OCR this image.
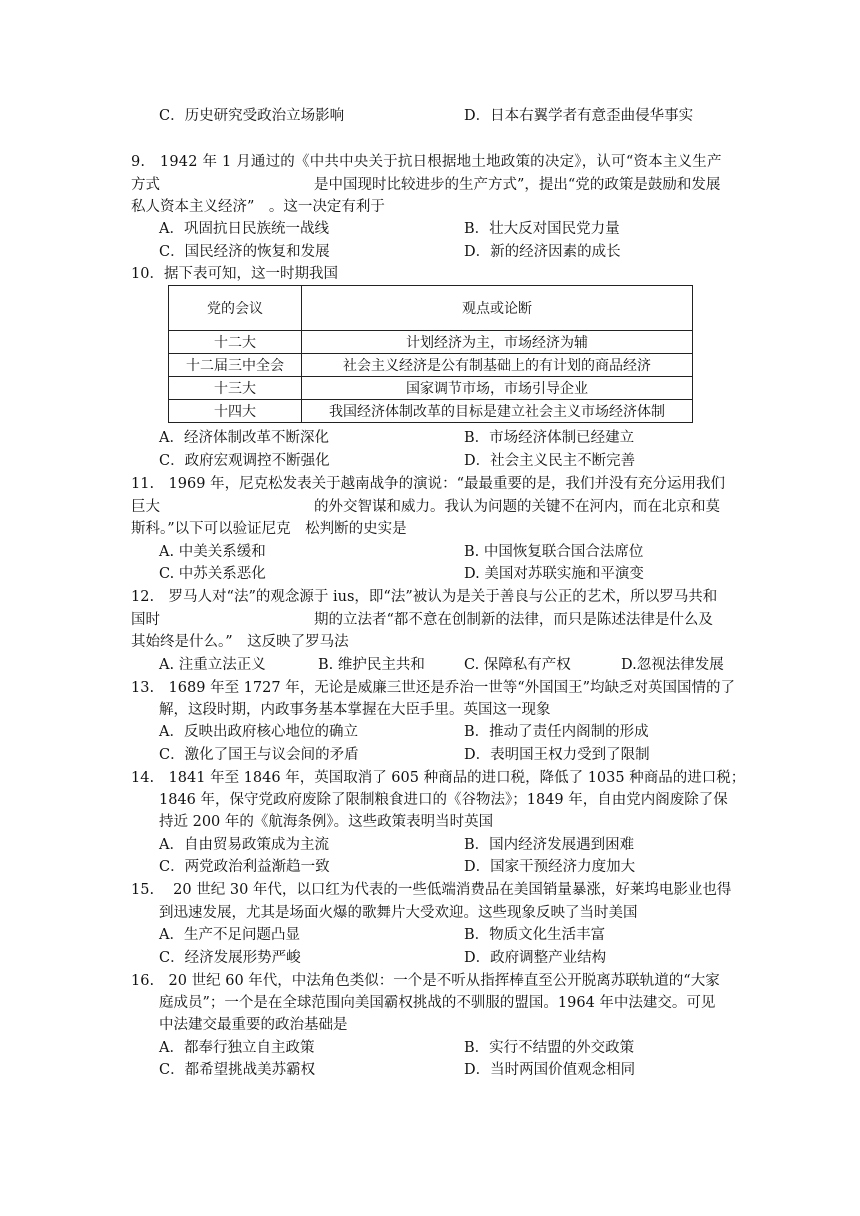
C．历史研究受政治立场影响	D．日本右翼学者有意歪曲侵华事实
9.　1942 年 1 月通过的《中共中央关于抗日根据地土地政策的决定》，认可“资本主义生产
方式	是中国现时比较进步的生产方式”，提出“党的政策是鼓励和发展
私人资本主义经济”　。这一决定有利于
A．巩固抗日民族统一战线	B．壮大反对国民党力量
C．国民经济的恢复和发展	D．新的经济因素的成长
10．据下表可知，这一时期我国
党的会议	观点或论断
十二大	计划经济为主，市场经济为辅
十二届三中全会	社会主义经济是公有制基础上的有计划的商品经济
十三大	国家调节市场，市场引导企业
十四大	我国经济体制改革的目标是建立社会主义市场经济体制
A．经济体制改革不断深化	B．市场经济体制已经建立
C．政府宏观调控不断强化	D．社会主义民主不断完善
11.　1969 年，尼克松发表关于越南战争的演说：“最最重要的是，我们并没有充分运用我们
巨大	的外交智谋和威力。我认为问题的关键不在河内，而在北京和莫
斯科。”以下可以验证尼克　松判断的史实是
A. 中美关系缓和	B. 中国恢复联合国合法席位
C. 中苏关系恶化	D. 美国对苏联实施和平演变
12.　罗马人对“法”的观念源于 ius，即“法”被认为是关于善良与公正的艺术，所以罗马共和
国时	期的立法者“都不意在创制新的法律，而只是陈述法律是什么及
其始终是什么。”　这反映了罗马法
A. 注重立法正义	B. 维护民主共和	C. 保障私有产权	D.忽视法律发展
13.　1689 年至 1727 年，无论是威廉三世还是乔治一世等“外国国王”均缺乏对英国国情的了
解，这段时期，内政事务基本掌握在大臣手里。英国这一现象
A．反映出政府核心地位的确立	B．推动了责任内阁制的形成
C．激化了国王与议会间的矛盾	D．表明国王权力受到了限制
14.　1841 年至 1846 年，英国取消了 605 种商品的进口税，降低了 1035 种商品的进口税；
1846 年，保守党政府废除了限制粮食进口的《谷物法》；1849 年，自由党内阁废除了保
持近 200 年的《航海条例》。这些政策表明当时英国
A．自由贸易政策成为主流	B．国内经济发展遇到困难
C．两党政治利益渐趋一致	D．国家干预经济力度加大
15.　 20 世纪 30 年代，以口红为代表的一些低端消费品在美国销量暴涨，好莱坞电影业也得
到迅速发展，尤其是场面火爆的歌舞片大受欢迎。这些现象反映了当时美国
A．生产不足问题凸显	B．物质文化生活丰富
C．经济发展形势严峻	D．政府调整产业结构
16.　20 世纪 60 年代，中法角色类似：一个是不听从指挥棒直至公开脱离苏联轨道的“大家
庭成员”；一个是在全球范围向美国霸权挑战的不驯服的盟国。1964 年中法建交。可见
中法建交最重要的政治基础是
A．都奉行独立自主政策	B．实行不结盟的外交政策
C．都希望挑战美苏霸权	D．当时两国价值观念相同
